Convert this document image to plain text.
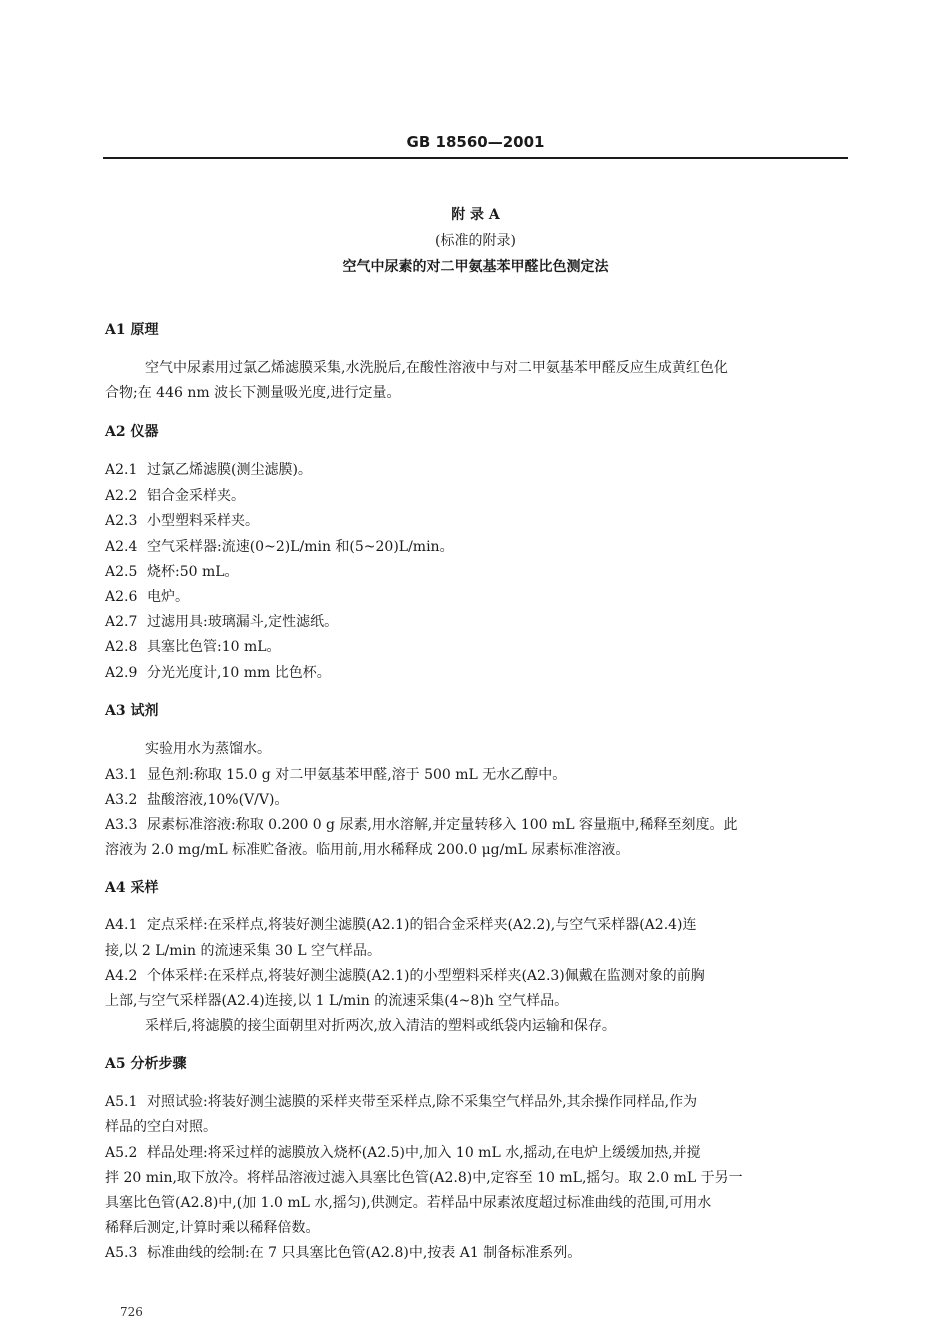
GB 18560—2001
附 录 A
(标准的附录)
空气中尿素的对二甲氨基苯甲醛比色测定法
A1 原理
空气中尿素用过氯乙烯滤膜采集,水洗脱后,在酸性溶液中与对二甲氨基苯甲醛反应生成黄红色化
合物;在 446 nm 波长下测量吸光度,进行定量。
A2 仪器
A2.1 过氯乙烯滤膜(测尘滤膜)。
A2.2 铝合金采样夹。
A2.3 小型塑料采样夹。
A2.4 空气采样器:流速(0~2)L/min 和(5~20)L/min。
A2.5 烧杯:50 mL。
A2.6 电炉。
A2.7 过滤用具:玻璃漏斗,定性滤纸。
A2.8 具塞比色管:10 mL。
A2.9 分光光度计,10 mm 比色杯。
A3 试剂
实验用水为蒸馏水。
A3.1 显色剂:称取 15.0 g 对二甲氨基苯甲醛,溶于 500 mL 无水乙醇中。
A3.2 盐酸溶液,10%(V/V)。
A3.3 尿素标准溶液:称取 0.200 0 g 尿素,用水溶解,并定量转移入 100 mL 容量瓶中,稀释至刻度。此
溶液为 2.0 mg/mL 标准贮备液。临用前,用水稀释成 200.0 μg/mL 尿素标准溶液。
A4 采样
A4.1 定点采样:在采样点,将装好测尘滤膜(A2.1)的铝合金采样夹(A2.2),与空气采样器(A2.4)连
接,以 2 L/min 的流速采集 30 L 空气样品。
A4.2 个体采样:在采样点,将装好测尘滤膜(A2.1)的小型塑料采样夹(A2.3)佩戴在监测对象的前胸
上部,与空气采样器(A2.4)连接,以 1 L/min 的流速采集(4~8)h 空气样品。
采样后,将滤膜的接尘面朝里对折两次,放入清洁的塑料或纸袋内运输和保存。
A5 分析步骤
A5.1 对照试验:将装好测尘滤膜的采样夹带至采样点,除不采集空气样品外,其余操作同样品,作为
样品的空白对照。
A5.2 样品处理:将采过样的滤膜放入烧杯(A2.5)中,加入 10 mL 水,摇动,在电炉上缓缓加热,并搅
拌 20 min,取下放冷。将样品溶液过滤入具塞比色管(A2.8)中,定容至 10 mL,摇匀。取 2.0 mL 于另一
具塞比色管(A2.8)中,(加 1.0 mL 水,摇匀),供测定。若样品中尿素浓度超过标准曲线的范围,可用水
稀释后测定,计算时乘以稀释倍数。
A5.3 标准曲线的绘制:在 7 只具塞比色管(A2.8)中,按表 A1 制备标准系列。
726
